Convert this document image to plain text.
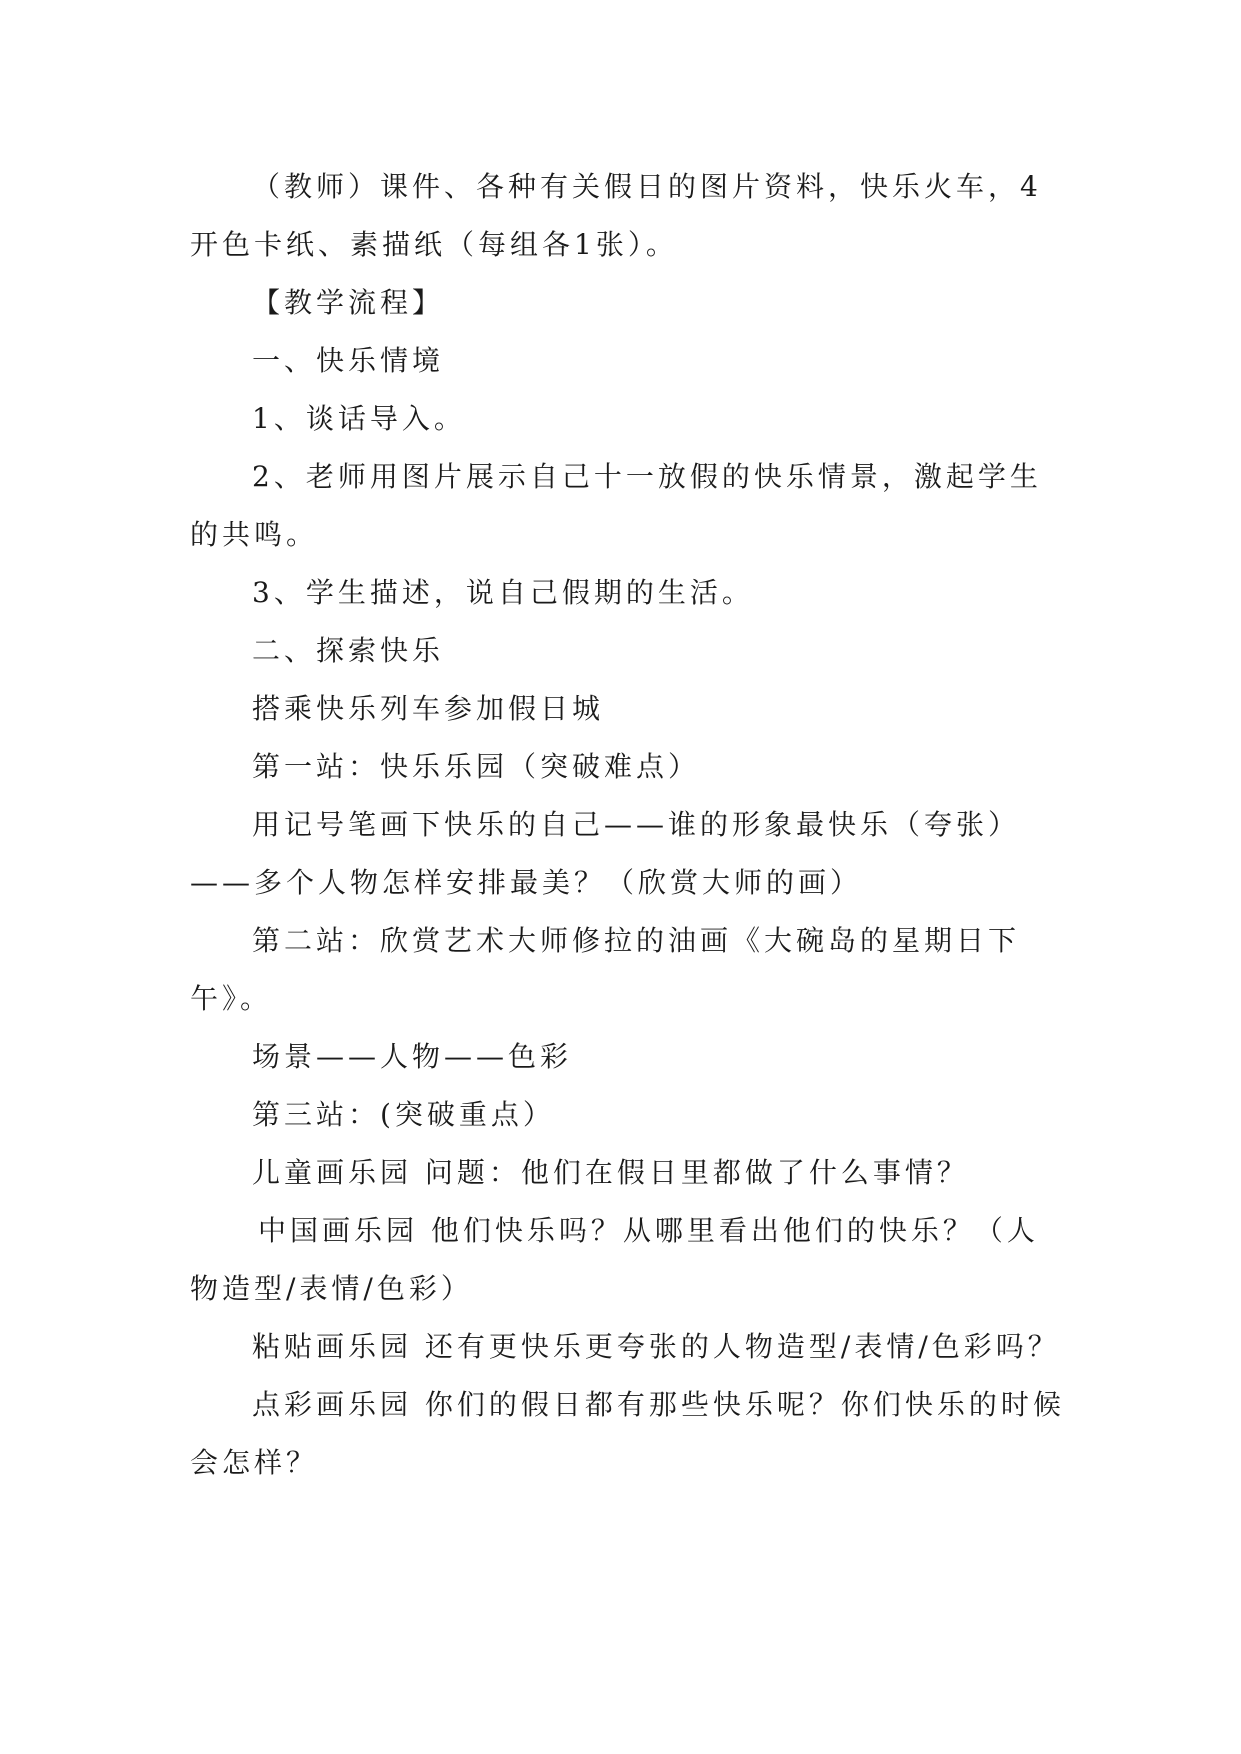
（教师）课件、各种有关假日的图片资料，快乐火车，4开色卡纸、素描纸（每组各1张）。

【教学流程】

一、快乐情境

1、谈话导入。

2、老师用图片展示自己十一放假的快乐情景，激起学生的共鸣。

3、学生描述，说自己假期的生活。

二、探索快乐

搭乘快乐列车参加假日城

第一站：快乐乐园（突破难点）

用记号笔画下快乐的自己——谁的形象最快乐（夸张）——多个人物怎样安排最美？（欣赏大师的画）

第二站：欣赏艺术大师修拉的油画《大碗岛的星期日下午》。

场景——人物——色彩

第三站：(突破重点）

儿童画乐园 问题：他们在假日里都做了什么事情？

中国画乐园 他们快乐吗？从哪里看出他们的快乐？（人物造型/表情/色彩）

粘贴画乐园 还有更快乐更夸张的人物造型/表情/色彩吗？

点彩画乐园 你们的假日都有那些快乐呢？你们快乐的时候会怎样？
